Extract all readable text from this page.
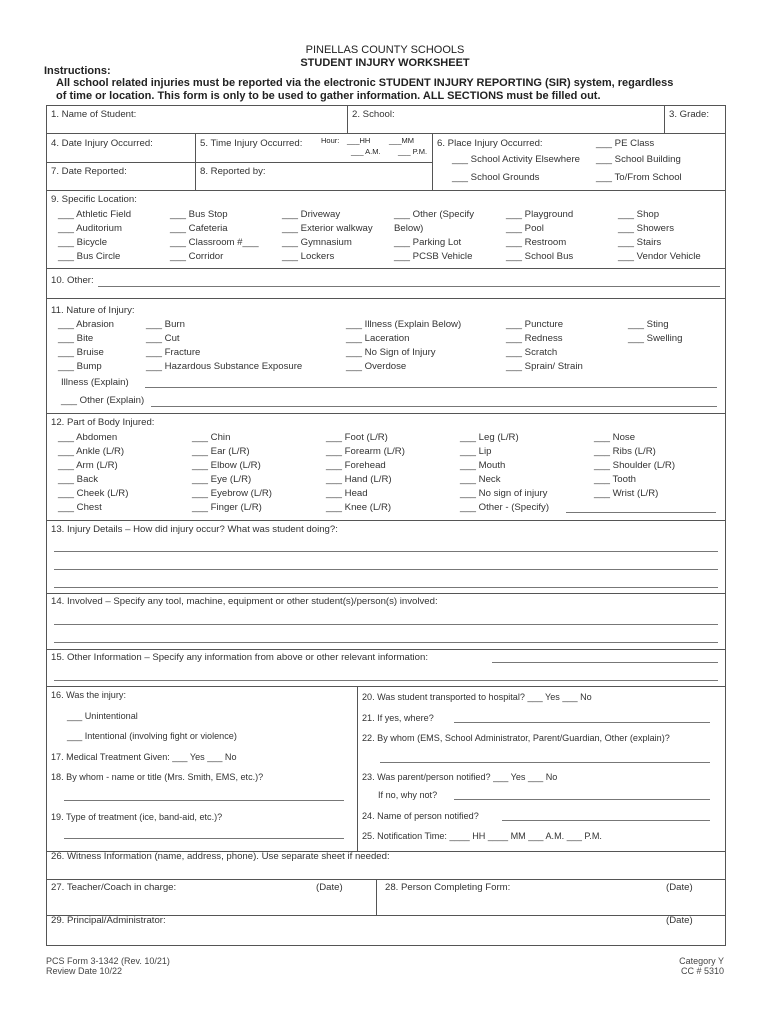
PINELLAS COUNTY SCHOOLS
STUDENT INJURY WORKSHEET
Instructions:
All school related injuries must be reported via the electronic STUDENT INJURY REPORTING (SIR) system, regardless
of time or location. This form is only to be used to gather information. ALL SECTIONS must be filled out.
1. Name of Student:	2. School:	3. Grade:
4. Date Injury Occurred:	5. Time Injury Occurred: Hour: ___HH ___MM
___ A.M. ___ P.M.
6. Place Injury Occurred:	___ PE Class
___ School Activity Elsewhere ___ School Building
___ School Grounds	___ To/From School
7. Date Reported:	8. Reported by:
9. Specific Location:
___ Athletic Field	___ Bus Stop	___ Driveway	___ Other (Specify	___ Playground	___ Shop
___ Auditorium	___ Cafeteria	___ Exterior walkway	Below)	___ Pool	___ Showers
___ Bicycle	___ Classroom #___	___ Gymnasium	___ Parking Lot	___ Restroom	___ Stairs
___ Bus Circle	___ Corridor	___ Lockers	___ PCSB Vehicle	___ School Bus	___ Vendor Vehicle
10. Other:
11. Nature of Injury:
___ Abrasion	___ Burn	___ Illness (Explain Below)	___ Puncture	___ Sting
___ Bite	___ Cut	___ Laceration	___ Redness	___ Swelling
___ Bruise	___ Fracture	___ No Sign of Injury	___ Scratch
___ Bump	___ Hazardous Substance Exposure	___ Overdose	___ Sprain/ Strain
Illness (Explain)
___ Other (Explain)
12. Part of Body Injured:
___ Abdomen	___ Chin	___ Foot (L/R)	___ Leg (L/R)	___ Nose
___ Ankle (L/R)	___ Ear (L/R)	___ Forearm (L/R)	___ Lip	___ Ribs (L/R)
___ Arm (L/R)	___ Elbow (L/R)	___ Forehead	___ Mouth	___ Shoulder (L/R)
___ Back	___ Eye (L/R)	___ Hand (L/R)	___ Neck	___ Tooth
___ Cheek (L/R)	___ Eyebrow (L/R)	___ Head	___ No sign of injury	___ Wrist (L/R)
___ Chest	___ Finger (L/R)	___ Knee (L/R)	___ Other - (Specify)
13. Injury Details – How did injury occur? What was student doing?:
14. Involved – Specify any tool, machine, equipment or other student(s)/person(s) involved:
15. Other Information – Specify any information from above or other relevant information:
16. Was the injury:
___ Unintentional
___ Intentional (involving fight or violence)
17. Medical Treatment Given: ___ Yes ___ No
18. By whom - name or title (Mrs. Smith, EMS, etc.)?
19. Type of treatment (ice, band-aid, etc.)?
20. Was student transported to hospital? ___ Yes ___ No
21. If yes, where?
22. By whom (EMS, School Administrator, Parent/Guardian, Other (explain)?
23. Was parent/person notified? ___ Yes ___ No
If no, why not?
24. Name of person notified?
25. Notification Time: ____ HH ____ MM ___ A.M. ___ P.M.
26. Witness Information (name, address, phone). Use separate sheet if needed:
27. Teacher/Coach in charge:	(Date)	28. Person Completing Form:	(Date)
29. Principal/Administrator:	(Date)
PCS Form 3-1342 (Rev. 10/21)
Review Date 10/22
Category Y
CC # 5310
